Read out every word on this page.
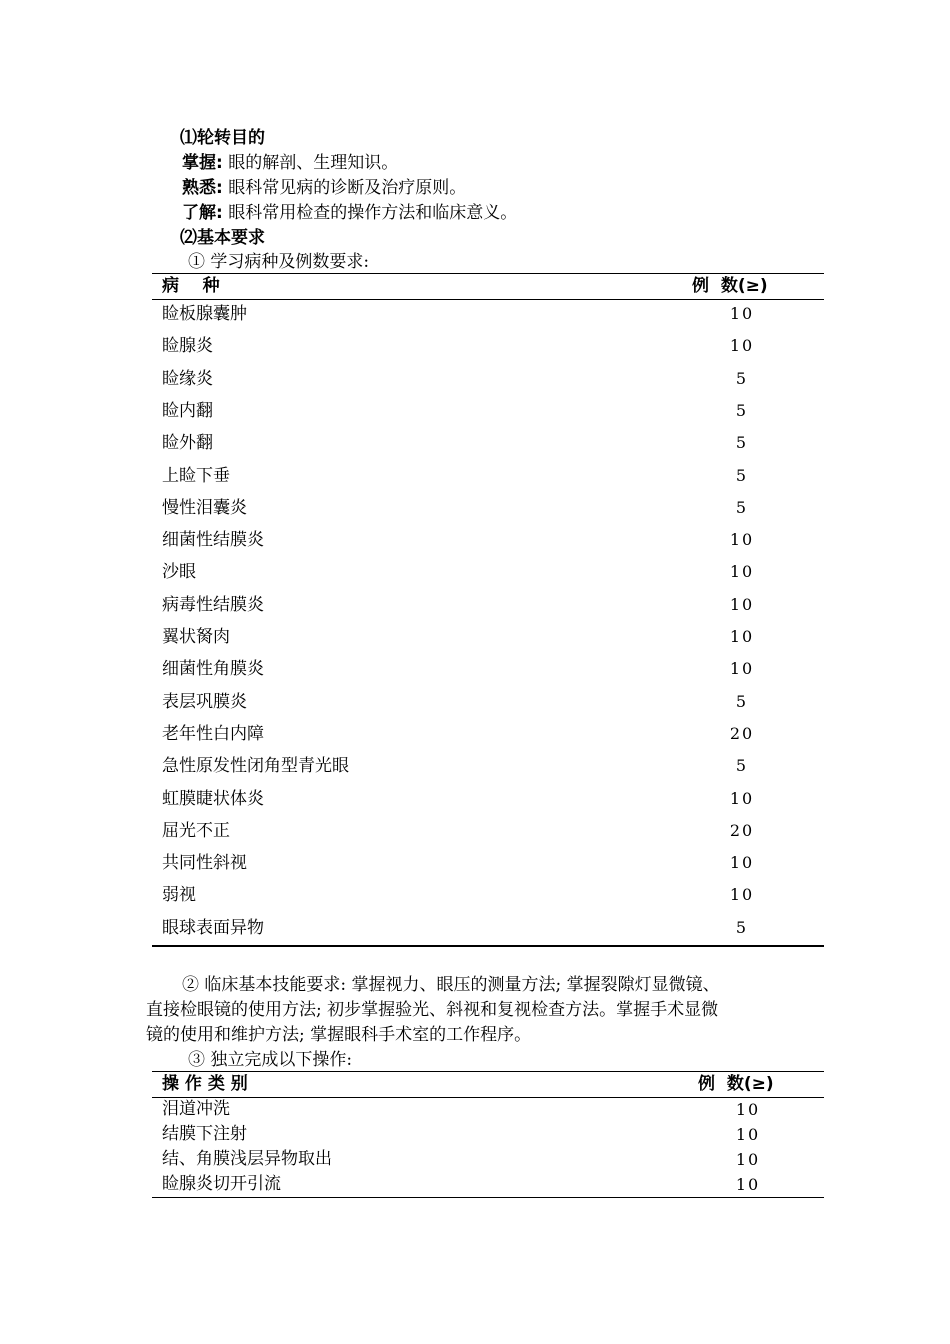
⑴轮转目的
掌握: 眼的解剖、生理知识。
熟悉: 眼科常见病的诊断及治疗原则。
了解: 眼科常用检查的操作方法和临床意义。
⑵基本要求
① 学习病种及例数要求:
病    种	例  数(≥)
睑板腺囊肿	10
睑腺炎	10
睑缘炎	5
睑内翻	5
睑外翻	5
上睑下垂	5
慢性泪囊炎	5
细菌性结膜炎	10
沙眼	10
病毒性结膜炎	10
翼状胬肉	10
细菌性角膜炎	10
表层巩膜炎	5
老年性白内障	20
急性原发性闭角型青光眼	5
虹膜睫状体炎	10
屈光不正	20
共同性斜视	10
弱视	10
眼球表面异物	5
② 临床基本技能要求: 掌握视力、眼压的测量方法; 掌握裂隙灯显微镜、
直接检眼镜的使用方法; 初步掌握验光、斜视和复视检查方法。掌握手术显微
镜的使用和维护方法; 掌握眼科手术室的工作程序。
③ 独立完成以下操作:
操 作 类 别	例  数(≥)
泪道冲洗	10
结膜下注射	10
结、角膜浅层异物取出	10
睑腺炎切开引流	10
